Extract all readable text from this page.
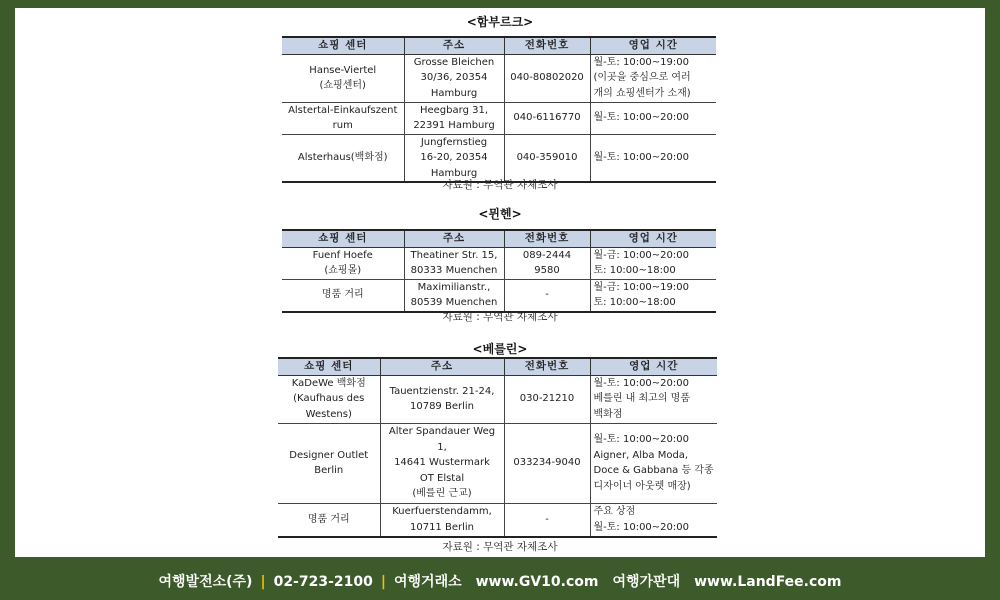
<함부르크>
쇼핑 센터	주소	전화번호	영업 시간

Hanse-Viertel
(쇼핑센터)	Grosse Bleichen
30/36, 20354
Hamburg	040-80802020	월-토: 10:00~19:00
(이곳을 중심으로 여러
개의 쇼핑센터가 소재)

Alstertal-Einkaufszent
rum	Heegbarg 31,
22391 Hamburg	040-6116770	월-토: 10:00~20:00

Alsterhaus(백화점)	Jungfernstieg
16-20, 20354
Hamburg	040-359010	월-토: 10:00~20:00
자료원 : 무역관 자체조사
<뮌헨>
쇼핑 센터	주소	전화번호	영업 시간

Fuenf Hoefe
(쇼핑몰)	Theatiner Str. 15,
80333 Muenchen	089-2444
9580	월-금: 10:00~20:00
토: 10:00~18:00

명품 거리	Maximilianstr.,
80539 Muenchen	-	월-금: 10:00~19:00
토: 10:00~18:00
자료원 : 무역관 자체조사
<베를린>
쇼핑 센터	주소	전화번호	영업 시간

KaDeWe 백화점
(Kaufhaus des
Westens)	Tauentzienstr. 21-24,
10789 Berlin	030-21210	월-토: 10:00~20:00
베를린 내 최고의 명품
백화점

Designer Outlet
Berlin	Alter Spandauer Weg 1,
14641 Wustermark
OT Elstal
(베를린 근교)	033234-9040	월-토: 10:00~20:00
Aigner, Alba Moda,
Doce & Gabbana 등 각종
디자이너 아웃렛 매장)

명품 거리	Kuerfuerstendamm,
10711 Berlin	-	주요 상점
월-토: 10:00~20:00
자료원 : 무역관 자체조사
여행발전소(주) | 02-723-2100 | 여행거래소 www.GV10.com 여행가판대 www.LandFee.com
